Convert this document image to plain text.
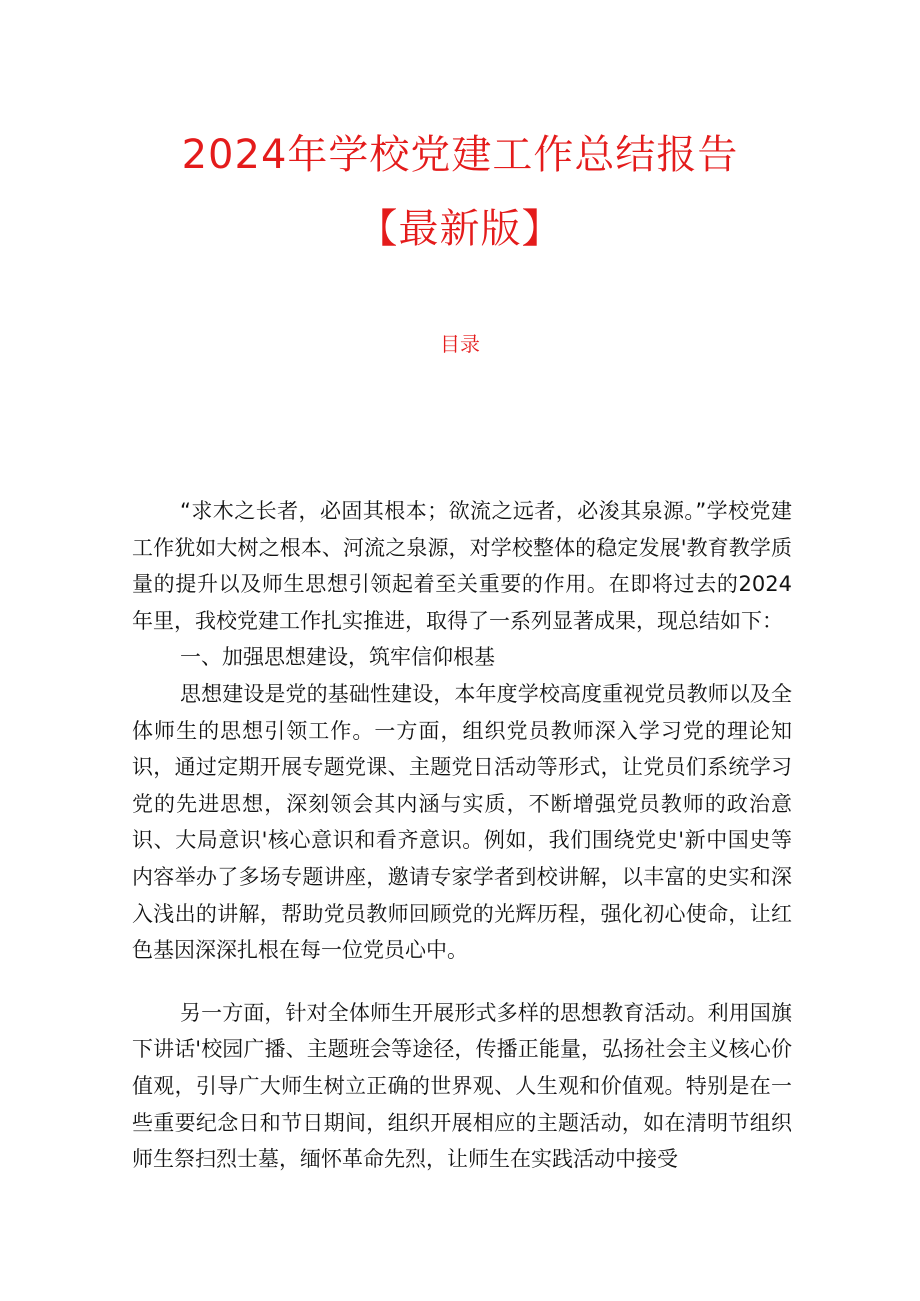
2024年学校党建工作总结报告
【最新版】
目录

“求木之长者，必固其根本；欲流之远者，必浚其泉源。”学校党建工作犹如大树之根本、河流之泉源，对学校整体的稳定发展'教育教学质量的提升以及师生思想引领起着至关重要的作用。在即将过去的2024年里，我校党建工作扎实推进，取得了一系列显著成果，现总结如下：

一、加强思想建设，筑牢信仰根基

思想建设是党的基础性建设，本年度学校高度重视党员教师以及全体师生的思想引领工作。一方面，组织党员教师深入学习党的理论知识，通过定期开展专题党课、主题党日活动等形式，让党员们系统学习党的先进思想，深刻领会其内涵与实质，不断增强党员教师的政治意识、大局意识'核心意识和看齐意识。例如，我们围绕党史'新中国史等内容举办了多场专题讲座，邀请专家学者到校讲解，以丰富的史实和深入浅出的讲解，帮助党员教师回顾党的光辉历程，强化初心使命，让红色基因深深扎根在每一位党员心中。

另一方面，针对全体师生开展形式多样的思想教育活动。利用国旗下讲话'校园广播、主题班会等途径，传播正能量，弘扬社会主义核心价值观，引导广大师生树立正确的世界观、人生观和价值观。特别是在一些重要纪念日和节日期间，组织开展相应的主题活动，如在清明节组织师生祭扫烈士墓，缅怀革命先烈，让师生在实践活动中接受
